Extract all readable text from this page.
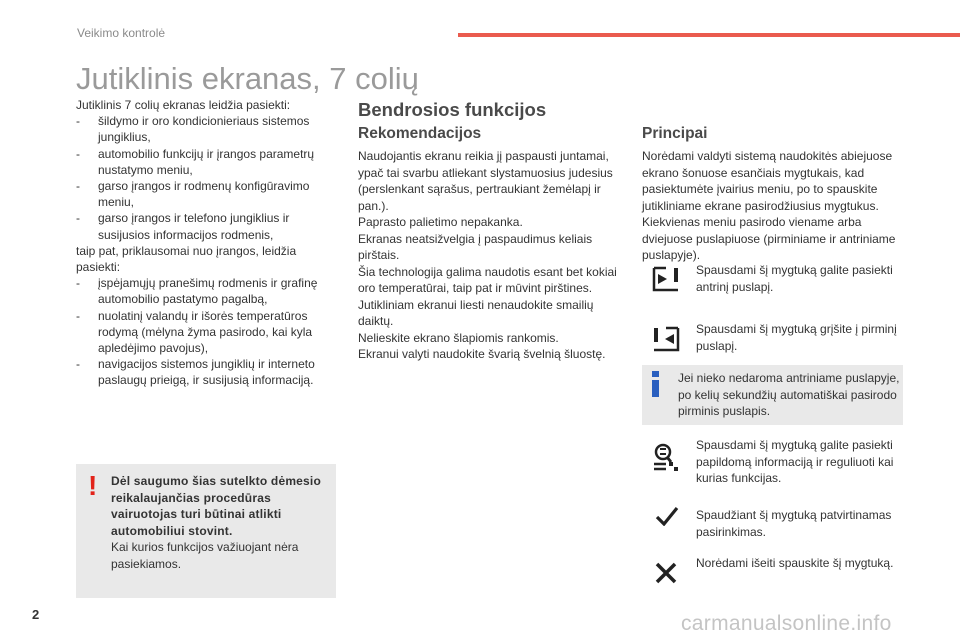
Veikimo kontrolė
Jutiklinis ekranas, 7 colių

Jutiklinis 7 colių ekranas leidžia pasiekti:

- šildymo ir oro kondicionieriaus sistemos jungiklius,
- automobilio funkcijų ir įrangos parametrų nustatymo meniu,
- garso įrangos ir rodmenų konfigūravimo meniu,
- garso įrangos ir telefono jungiklius ir susijusios informacijos rodmenis,

taip pat, priklausomai nuo įrangos, leidžia pasiekti:

- įspėjamųjų pranešimų rodmenis ir grafinę automobilio pastatymo pagalbą,
- nuolatinį valandų ir išorės temperatūros rodymą (mėlyna žyma pasirodo, kai kyla apledėjimo pavojus),
- navigacijos sistemos jungiklių ir interneto paslaugų prieigą, ir susijusią informaciją.
! Dėl saugumo šias sutelkto dėmesio reikalaujančias procedūras vairuotojas turi būtinai atlikti automobiliui stovint.
Kai kurios funkcijos važiuojant nėra pasiekiamos.
Bendrosios funkcijos
Rekomendacijos

Naudojantis ekranu reikia jį paspausti juntamai, ypač tai svarbu atliekant slystamuosius judesius (perslenkant sąrašus, pertraukiant žemėlapį ir pan.).

Paprasto palietimo nepakanka.

Ekranas neatsižvelgia į paspaudimus keliais pirštais.

Šia technologija galima naudotis esant bet kokiai oro temperatūrai, taip pat ir mūvint pirštines.

Jutikliniam ekranui liesti nenaudokite smailių daiktų.

Nelieskite ekrano šlapiomis rankomis.

Ekranui valyti naudokite švarią švelnią šluostę.

Principai
Norėdami valdyti sistemą naudokitės abiejuose ekrano šonuose esančiais mygtukais, kad pasiektumėte įvairius meniu, po to spauskite jutikliniame ekrane pasirodžiusius mygtukus. Kiekvienas meniu pasirodo viename arba dviejuose puslapiuose (pirminiame ir antriniame puslapyje).
Spausdami šį mygtuką galite pasiekti antrinį puslapį.
Spausdami šį mygtuką grįšite į pirminį puslapį.
Jei nieko nedaroma antriniame puslapyje, po kelių sekundžių automatiškai pasirodo pirminis puslapis.
Spausdami šį mygtuką galite pasiekti papildomą informaciją ir reguliuoti kai kurias funkcijas.
Spaudžiant šį mygtuką patvirtinamas pasirinkimas.
Norėdami išeiti spauskite šį mygtuką.
2	carmanualsonline.info
